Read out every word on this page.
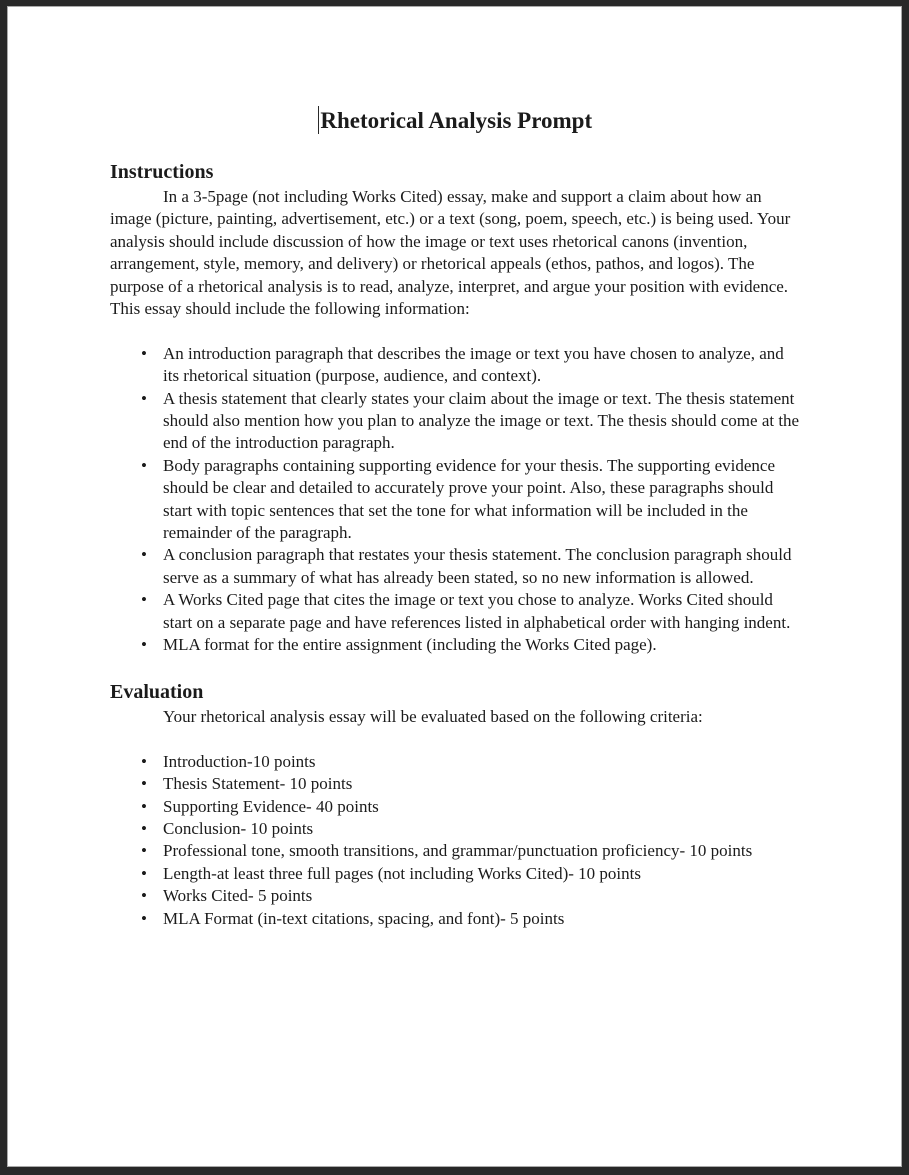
Rhetorical Analysis Prompt
Instructions

In a 3-5page (not including Works Cited) essay, make and support a claim about how an image (picture, painting, advertisement, etc.) or a text (song, poem, speech, etc.) is being used. Your analysis should include discussion of how the image or text uses rhetorical canons (invention, arrangement, style, memory, and delivery) or rhetorical appeals (ethos, pathos, and logos). The purpose of a rhetorical analysis is to read, analyze, interpret, and argue your position with evidence. This essay should include the following information:

• An introduction paragraph that describes the image or text you have chosen to analyze, and its rhetorical situation (purpose, audience, and context).
• A thesis statement that clearly states your claim about the image or text. The thesis statement should also mention how you plan to analyze the image or text. The thesis should come at the end of the introduction paragraph.
• Body paragraphs containing supporting evidence for your thesis. The supporting evidence should be clear and detailed to accurately prove your point. Also, these paragraphs should start with topic sentences that set the tone for what information will be included in the remainder of the paragraph.
• A conclusion paragraph that restates your thesis statement. The conclusion paragraph should serve as a summary of what has already been stated, so no new information is allowed.
• A Works Cited page that cites the image or text you chose to analyze. Works Cited should start on a separate page and have references listed in alphabetical order with hanging indent.
• MLA format for the entire assignment (including the Works Cited page).
Evaluation

Your rhetorical analysis essay will be evaluated based on the following criteria:

• Introduction-10 points
• Thesis Statement- 10 points
• Supporting Evidence- 40 points
• Conclusion- 10 points
• Professional tone, smooth transitions, and grammar/punctuation proficiency- 10 points
• Length-at least three full pages (not including Works Cited)- 10 points
• Works Cited- 5 points
• MLA Format (in-text citations, spacing, and font)- 5 points
